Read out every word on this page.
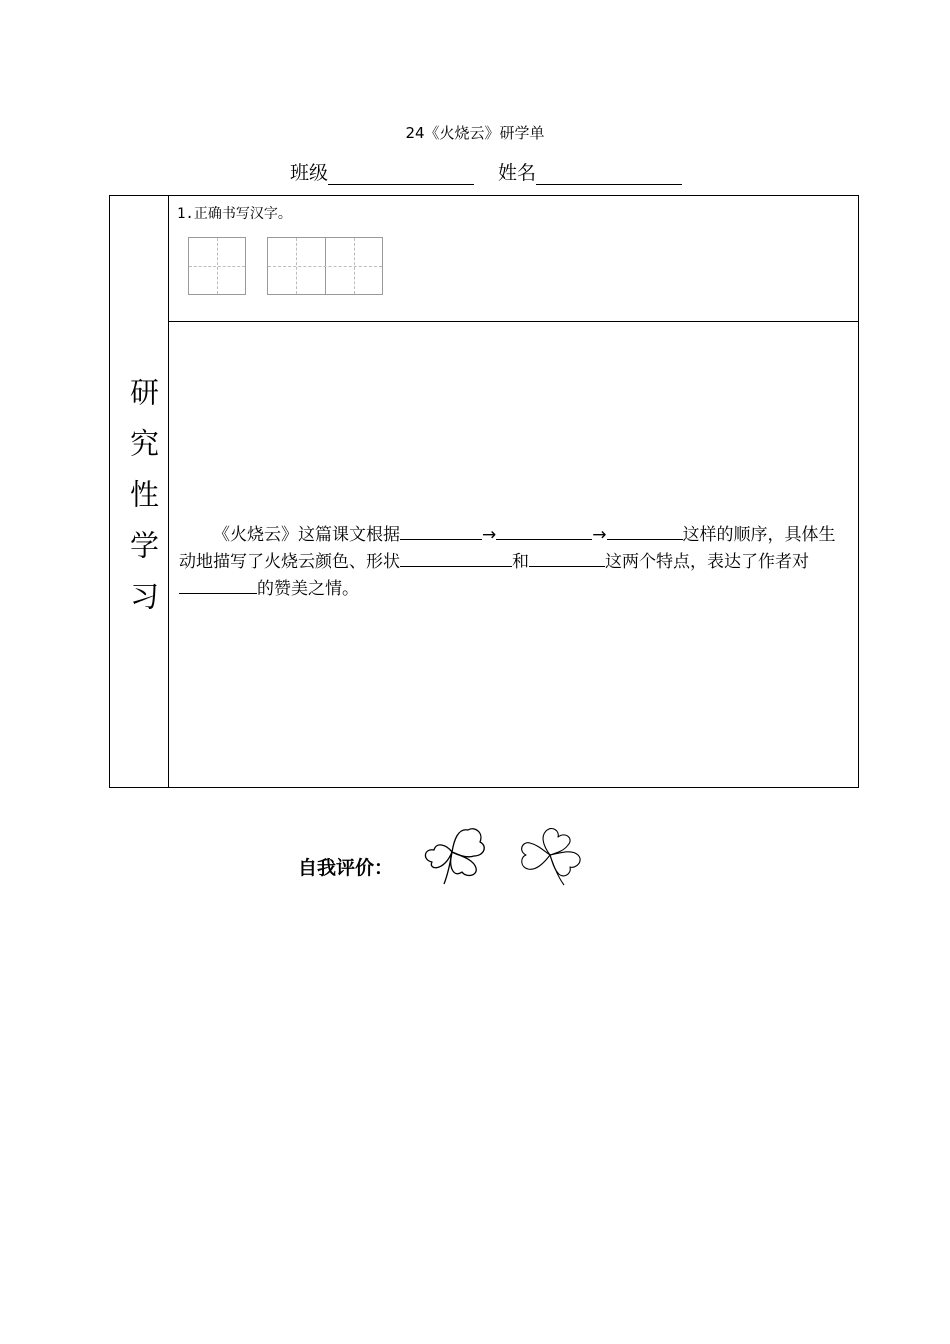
24《火烧云》研学单
班级	姓名
研究性学习
1.正确书写汉字。
《火烧云》这篇课文根据	→	→	这样的顺序，具体生动地描写了火烧云颜色、形状	和	这两个特点，表达了作者对的赞美之情。
自我评价：
